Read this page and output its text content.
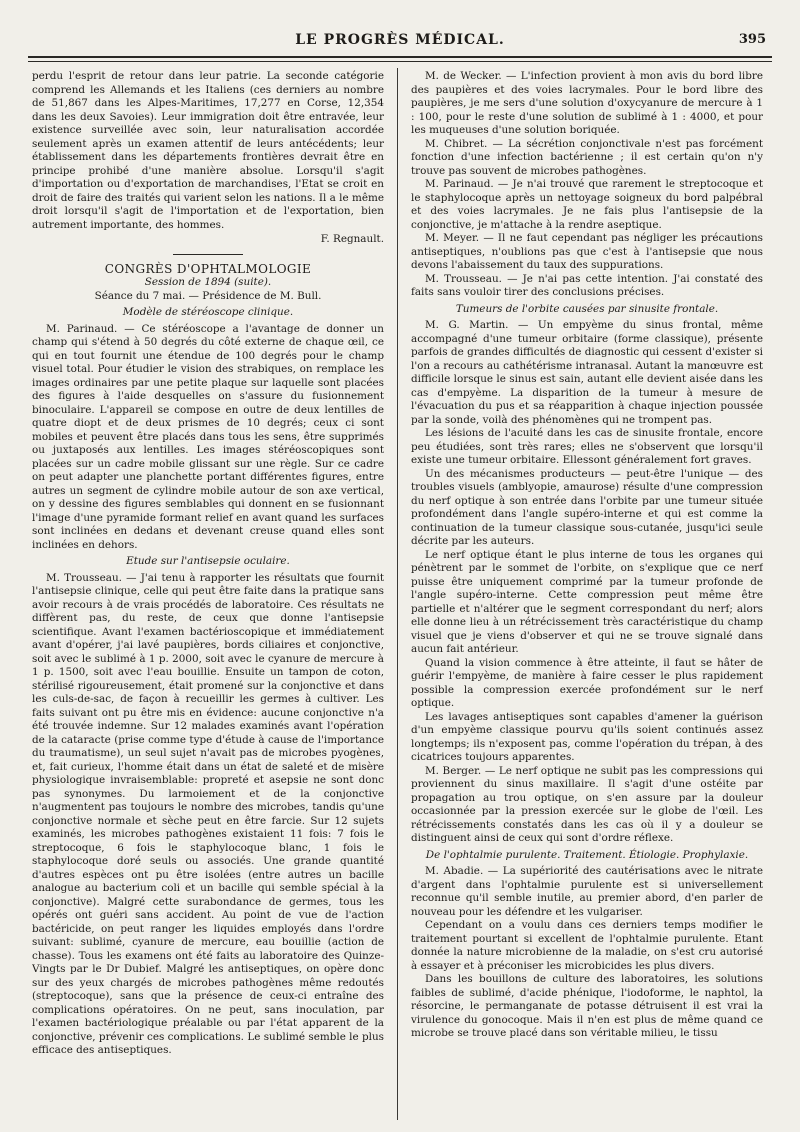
LE PROGRÈS MÉDICAL.	395

perdu l'esprit de retour dans leur patrie. La seconde catégorie comprend les Allemands et les Italiens (ces derniers au nombre de 51,867 dans les Alpes-Maritimes, 17,277 en Corse, 12,354 dans les deux Savoies). Leur immigration doit être entravée, leur existence surveillée avec soin, leur naturalisation accordée seulement après un examen attentif de leurs antécédents; leur établissement dans les départements frontières devrait être en principe prohibé d'une manière absolue. Lorsqu'il s'agit d'importation ou d'exportation de marchandises, l'Etat se croit en droit de faire des traités qui varient selon les nations. Il a le même droit lorsqu'il s'agit de l'importation et de l'exportation, bien autrement importante, des hommes.

F. Regnault.

CONGRÈS D'OPHTALMOLOGIE

Session de 1894 (suite).

Séance du 7 mai. — Présidence de M. Bull.

Modèle de stéréoscope clinique.

M. Parinaud. — Ce stéréoscope a l'avantage de donner un champ qui s'étend à 50 degrés du côté externe de chaque œil, ce qui en tout fournit une étendue de 100 degrés pour le champ visuel total. Pour étudier le vision des strabiques, on remplace les images ordinaires par une petite plaque sur laquelle sont placées des figures à l'aide desquelles on s'assure du fusionnement binoculaire. L'appareil se compose en outre de deux lentilles de quatre diopt et de deux prismes de 10 degrés; ceux ci sont mobiles et peuvent être placés dans tous les sens, être supprimés ou juxtaposés aux lentilles. Les images stéréoscopiques sont placées sur un cadre mobile glissant sur une règle. Sur ce cadre on peut adapter une planchette portant différentes figures, entre autres un segment de cylindre mobile autour de son axe vertical, on y dessine des figures semblables qui donnent en se fusionnant l'image d'une pyramide formant relief en avant quand les surfaces sont inclinées en dedans et devenant creuse quand elles sont inclinées en dehors.

Etude sur l'antisepsie oculaire.

M. Trousseau. — J'ai tenu à rapporter les résultats que fournit l'antisepsie clinique, celle qui peut être faite dans la pratique sans avoir recours à de vrais procédés de laboratoire. Ces résultats ne diffèrent pas, du reste, de ceux que donne l'antisepsie scientifique. Avant l'examen bactérioscopique et immédiatement avant d'opérer, j'ai lavé paupières, bords ciliaires et conjonctive, soit avec le sublimé à 1 p. 2000, soit avec le cyanure de mercure à 1 p. 1500, soit avec l'eau bouillie. Ensuite un tampon de coton, stérilisé rigoureusement, était promené sur la conjonctive et dans les culs-de-sac, de façon à recueillir les germes à cultiver. Les faits suivant ont pu être mis en évidence: aucune conjonctive n'a été trouvée indemne. Sur 12 malades examinés avant l'opération de la cataracte (prise comme type d'étude à cause de l'importance du traumatisme), un seul sujet n'avait pas de microbes pyogènes, et, fait curieux, l'homme était dans un état de saleté et de misère physiologique invraisemblable: propreté et asepsie ne sont donc pas synonymes. Du larmoiement et de la conjonctive n'augmentent pas toujours le nombre des microbes, tandis qu'une conjonctive normale et sèche peut en être farcie. Sur 12 sujets examinés, les microbes pathogènes existaient 11 fois: 7 fois le streptocoque, 6 fois le staphylocoque blanc, 1 fois le staphylocoque doré seuls ou associés. Une grande quantité d'autres espèces ont pu être isolées (entre autres un bacille analogue au bacterium coli et un bacille qui semble spécial à la conjonctive). Malgré cette surabondance de germes, tous les opérés ont guéri sans accident. Au point de vue de l'action bactéricide, on peut ranger les liquides employés dans l'ordre suivant: sublimé, cyanure de mercure, eau bouillie (action de chasse). Tous les examens ont été faits au laboratoire des Quinze-Vingts par le Dr Dubief. Malgré les antiseptiques, on opère donc sur des yeux chargés de microbes pathogènes même redoutés (streptocoque), sans que la présence de ceux-ci entraîne des complications opératoires. On ne peut, sans inoculation, par l'examen bactériologique préalable ou par l'état apparent de la conjonctive, prévenir ces complications. Le sublimé semble le plus efficace des antiseptiques.

M. de Wecker. — L'infection provient à mon avis du bord libre des paupières et des voies lacrymales. Pour le bord libre des paupières, je me sers d'une solution d'oxycyanure de mercure à 1 : 100, pour le reste d'une solution de sublimé à 1 : 4000, et pour les muqueuses d'une solution boriquée.

M. Chibret. — La sécrétion conjonctivale n'est pas forcément fonction d'une infection bactérienne ; il est certain qu'on n'y trouve pas souvent de microbes pathogènes.

M. Parinaud. — Je n'ai trouvé que rarement le streptocoque et le staphylocoque après un nettoyage soigneux du bord palpébral et des voies lacrymales. Je ne fais plus l'antisepsie de la conjonctive, je m'attache à la rendre aseptique.

M. Meyer. — Il ne faut cependant pas négliger les précautions antiseptiques, n'oublions pas que c'est à l'antisepsie que nous devons l'abaissement du taux des suppurations.

M. Trousseau. — Je n'ai pas cette intention. J'ai constaté des faits sans vouloir tirer des conclusions précises.

Tumeurs de l'orbite causées par sinusite frontale.

M. G. Martin. — Un empyème du sinus frontal, même accompagné d'une tumeur orbitaire (forme classique), présente parfois de grandes difficultés de diagnostic qui cessent d'exister si l'on a recours au cathétérisme intranasal. Autant la manœuvre est difficile lorsque le sinus est sain, autant elle devient aisée dans les cas d'empyème. La disparition de la tumeur à mesure de l'évacuation du pus et sa réapparition à chaque injection poussée par la sonde, voilà des phénomènes qui ne trompent pas.

Les lésions de l'acuité dans les cas de sinusite frontale, encore peu étudiées, sont très rares; elles ne s'observent que lorsqu'il existe une tumeur orbitaire. Ellessont généralement fort graves.

Un des mécanismes producteurs — peut-être l'unique — des troubles visuels (amblyopie, amaurose) résulte d'une compression du nerf optique à son entrée dans l'orbite par une tumeur située profondément dans l'angle supéro-interne et qui est comme la continuation de la tumeur classique sous-cutanée, jusqu'ici seule décrite par les auteurs.

Le nerf optique étant le plus interne de tous les organes qui pénètrent par le sommet de l'orbite, on s'explique que ce nerf puisse être uniquement comprimé par la tumeur profonde de l'angle supéro-interne. Cette compression peut même être partielle et n'altérer que le segment correspondant du nerf; alors elle donne lieu à un rétrécissement très caractéristique du champ visuel que je viens d'observer et qui ne se trouve signalé dans aucun fait antérieur.

Quand la vision commence à être atteinte, il faut se hâter de guérir l'empyème, de manière à faire cesser le plus rapidement possible la compression exercée profondément sur le nerf optique.

Les lavages antiseptiques sont capables d'amener la guérison d'un empyème classique pourvu qu'ils soient continués assez longtemps; ils n'exposent pas, comme l'opération du trépan, à des cicatrices toujours apparentes.

M. Berger. — Le nerf optique ne subit pas les compressions qui proviennent du sinus maxillaire. Il s'agit d'une ostéite par propagation au trou optique, on s'en assure par la douleur occasionnée par la pression exercée sur le globe de l'œil. Les rétrécissements constatés dans les cas où il y a douleur se distinguent ainsi de ceux qui sont d'ordre réflexe.

De l'ophtalmie purulente. Traitement. Étiologie. Prophylaxie.

M. Abadie. — La supériorité des cautérisations avec le nitrate d'argent dans l'ophtalmie purulente est si universellement reconnue qu'il semble inutile, au premier abord, d'en parler de nouveau pour les défendre et les vulgariser.

Cependant on a voulu dans ces derniers temps modifier le traitement pourtant si excellent de l'ophtalmie purulente. Etant donnée la nature microbienne de la maladie, on s'est cru autorisé à essayer et à préconiser les microbicides les plus divers.

Dans les bouillons de culture des laboratoires, les solutions faibles de sublimé, d'acide phénique, l'iodoforme, le naphtol, la résorcine, le permanganate de potasse détruisent il est vrai la virulence du gonocoque. Mais il n'en est plus de même quand ce microbe se trouve placé dans son véritable milieu, le tissu
